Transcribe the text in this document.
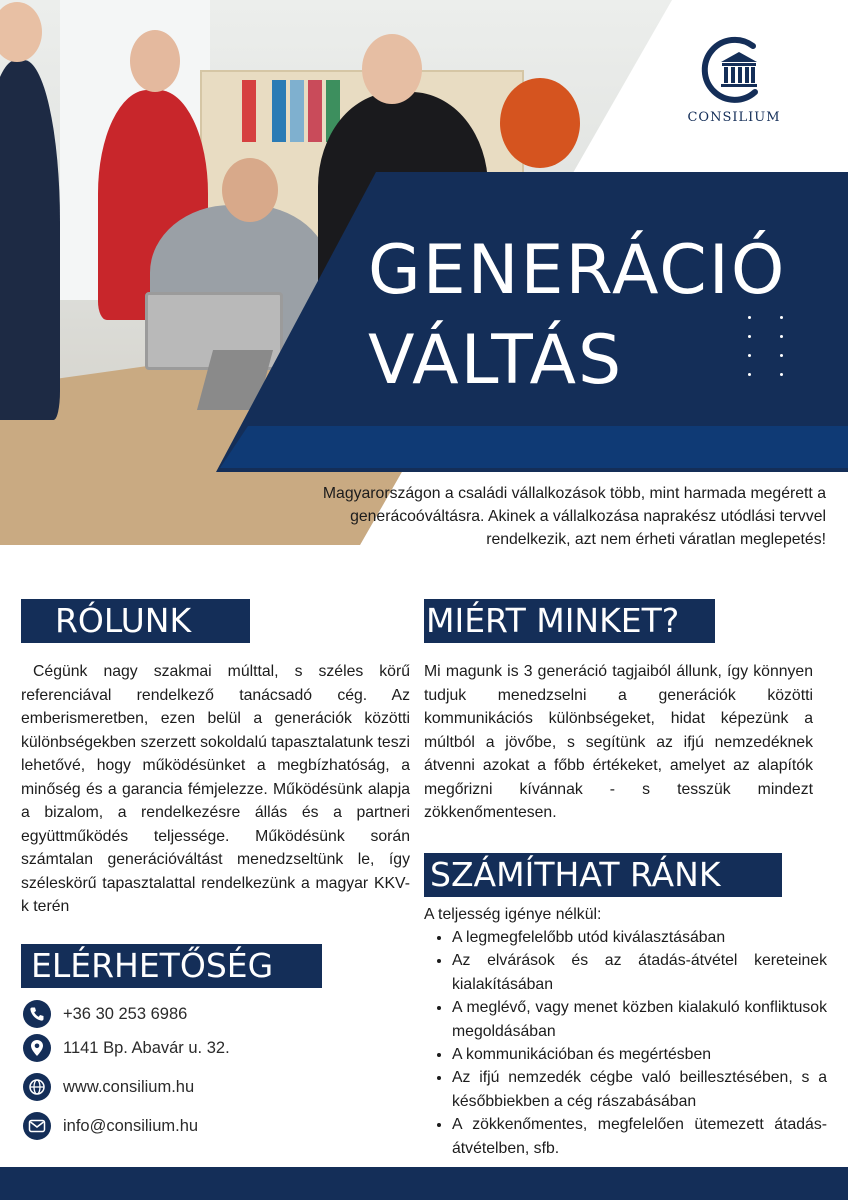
GENERÁCIÓ
VÁLTÁS
CONSILIUM

Magyarországon a családi vállalkozások több, mint harmada megérett a generácoóváltásra. Akinek a vállalkozása naprakész utódlási tervvel rendelkezik, azt nem érheti váratlan meglepetés!

RÓLUNK

Cégünk nagy szakmai múlttal, s széles körű referenciával rendelkező tanácsadó cég. Az emberismeretben, ezen belül a generációk közötti különbségekben szerzett sokoldalú tapasztalatunk teszi lehetővé, hogy működésünket a megbízhatóság, a minőség és a garancia fémjelezze. Működésünk alapja a bizalom, a rendelkezésre állás és a partneri együttműködés teljessége. Működésünk során számtalan generációváltást menedzseltünk le, így széleskörű tapasztalattal rendelkezünk a magyar KKV-k terén

ELÉRHETŐSÉG
+36 30 253 6986
1141 Bp. Abavár u. 32.
www.consilium.hu
info@consilium.hu
MIÉRT MINKET?

Mi magunk is 3 generáció tagjaiból állunk, így könnyen tudjuk menedzselni a generációk közötti kommunikációs különbségeket, hidat képezünk a múltból a jövőbe, s segítünk az ifjú nemzedéknek átvenni azokat a főbb értékeket, amelyet az alapítók megőrizni kívánnak - s tesszük mindezt zökkenőmentesen.

SZÁMÍTHAT RÁNK

A teljesség igénye nélkül:

• A legmegfelelőbb utód kiválasztásában
• Az elvárások és az átadás-átvétel kereteinek kialakításában
• A meglévő, vagy menet közben kialakuló konfliktusok megoldásában
• A kommunikációban és megértésben
• Az ifjú nemzedék cégbe való beillesztésében, s a későbbiekben a cég rászabásában
• A zökkenőmentes, megfelelően ütemezett átadás-átvételben, sfb.
